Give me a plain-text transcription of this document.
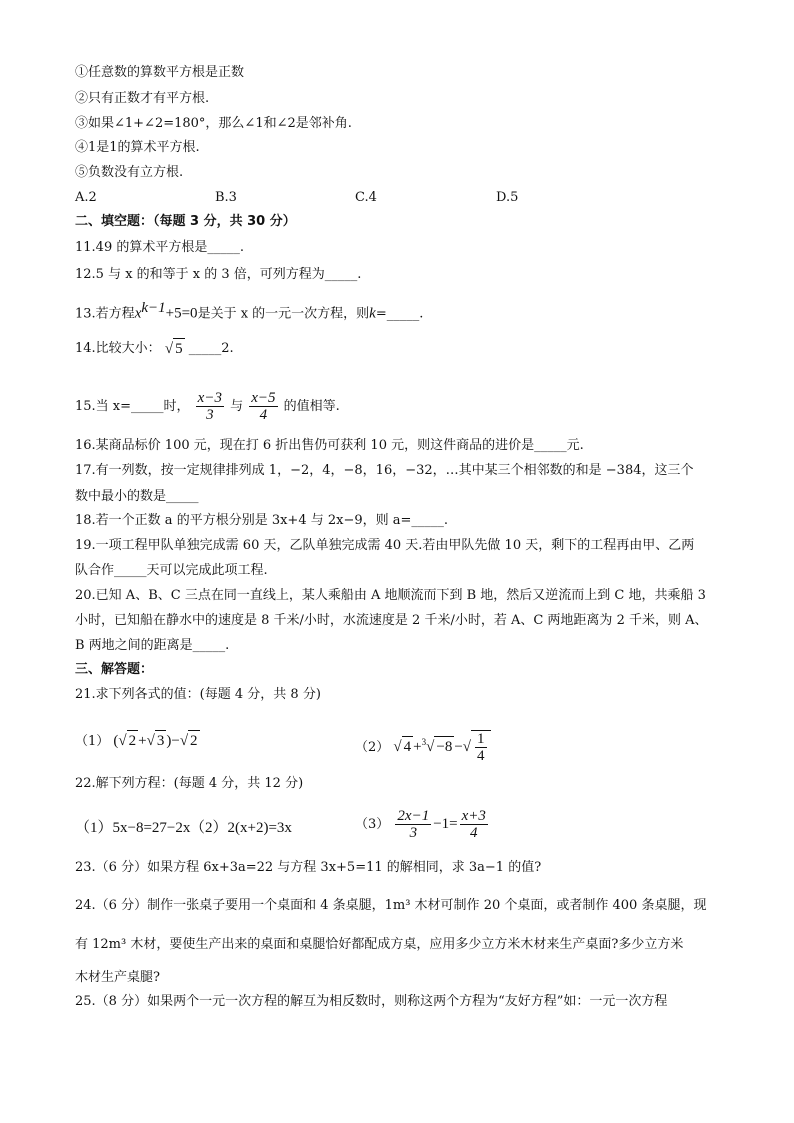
①任意数的算数平方根是正数
②只有正数才有平方根.
③如果∠1+∠2=180°，那么∠1和∠2是邻补角.
④1是1的算术平方根.
⑤负数没有立方根.
A.2	B.3	C.4	D.5
二、填空题：（每题 3 分，共 30 分）
11.49 的算术平方根是_____.
12.5 与 x 的和等于 x 的 3 倍，可列方程为_____.
13.若方程$x^{k-1}+5=0$是关于 x 的一元一次方程，则k=_____.
14.比较大小： √ 5 _____2.
15.当 x=_____时， $\frac{x-3}{3}$ 与 $\frac{x-5}{4}$ 的值相等.
16.某商品标价 100 元，现在打 6 折出售仍可获利 10 元，则这件商品的进价是_____元.
17.有一列数，按一定规律排列成 1，−2，4，−8，16，−32，…其中某三个相邻数的和是 −384，这三个
数中最小的数是_____
18.若一个正数 a 的平方根分别是 3x+4 与 2x−9，则 a=_____.
19.一项工程甲队单独完成需 60 天，乙队单独完成需 40 天.若由甲队先做 10 天，剩下的工程再由甲、乙两
队合作_____天可以完成此项工程.
20.已知 A、B、C 三点在同一直线上，某人乘船由 A 地顺流而下到 B 地，然后又逆流而上到 C 地，共乘船 3
小时，已知船在静水中的速度是 8 千米/小时，水流速度是 2 千米/小时，若 A、C 两地距离为 2 千米，则 A、
B 两地之间的距离是_____.
三、解答题：
21.求下列各式的值：(每题 4 分，共 8 分)
（1） (√ 2 +√ 3 )−√ 2	（2） √ 4 +$^3$√ −8 −√ $\frac{1}{4}$
22.解下列方程：(每题 4 分，共 12 分)
（1）5x−8=27−2x （2）2(x+2)=3x	$(3) \frac{2x-1}{3} -1= \frac{x+3}{4}$
23.（6 分）如果方程 6x+3a=22 与方程 3x+5=11 的解相同，求 3a−1 的值?
24.（6 分）制作一张桌子要用一个桌面和 4 条桌腿，1m³ 木材可制作 20 个桌面，或者制作 400 条桌腿，现
有 12m³ 木材，要使生产出来的桌面和桌腿恰好都配成方桌，应用多少立方米木材来生产桌面?多少立方米
木材生产桌腿?
25.（8 分）如果两个一元一次方程的解互为相反数时，则称这两个方程为“友好方程”如：一元一次方程
